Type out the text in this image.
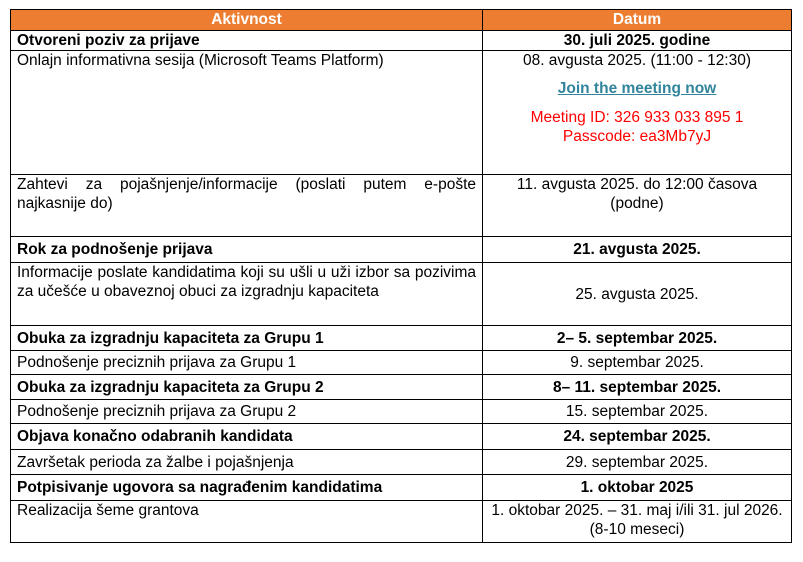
Aktivnost	Datum
Otvoreni poziv za prijave	30. juli 2025. godine
Onlajn informativna sesija (Microsoft Teams Platform)	08. avgusta 2025. (11:00 - 12:30)
Join the meeting now
Meeting ID: 326 933 033 895 1
Passcode: ea3Mb7yJ

Zahtevi za pojašnjenje/informacije (poslati putem e-pošte najkasnije do)	11. avgusta 2025. do 12:00 časova (podne)
Rok za podnošenje prijava	21. avgusta 2025.
Informacije poslate kandidatima koji su ušli u uži izbor sa pozivima za učešće u obaveznoj obuci za izgradnju kapaciteta	25. avgusta 2025.
Obuka za izgradnju kapaciteta za Grupu 1	2– 5. septembar 2025.
Podnošenje preciznih prijava za Grupu 1	9. septembar 2025.
Obuka za izgradnju kapaciteta za Grupu 2	8– 11. septembar 2025.
Podnošenje preciznih prijava za Grupu 2	15. septembar 2025.
Objava konačno odabranih kandidata	24. septembar 2025.
Završetak perioda za žalbe i pojašnjenja	29. septembar 2025.
Potpisivanje ugovora sa nagrađenim kandidatima	1. oktobar 2025
Realizacija šeme grantova	1. oktobar 2025. – 31. maj i/ili 31. jul 2026. (8-10 meseci)
